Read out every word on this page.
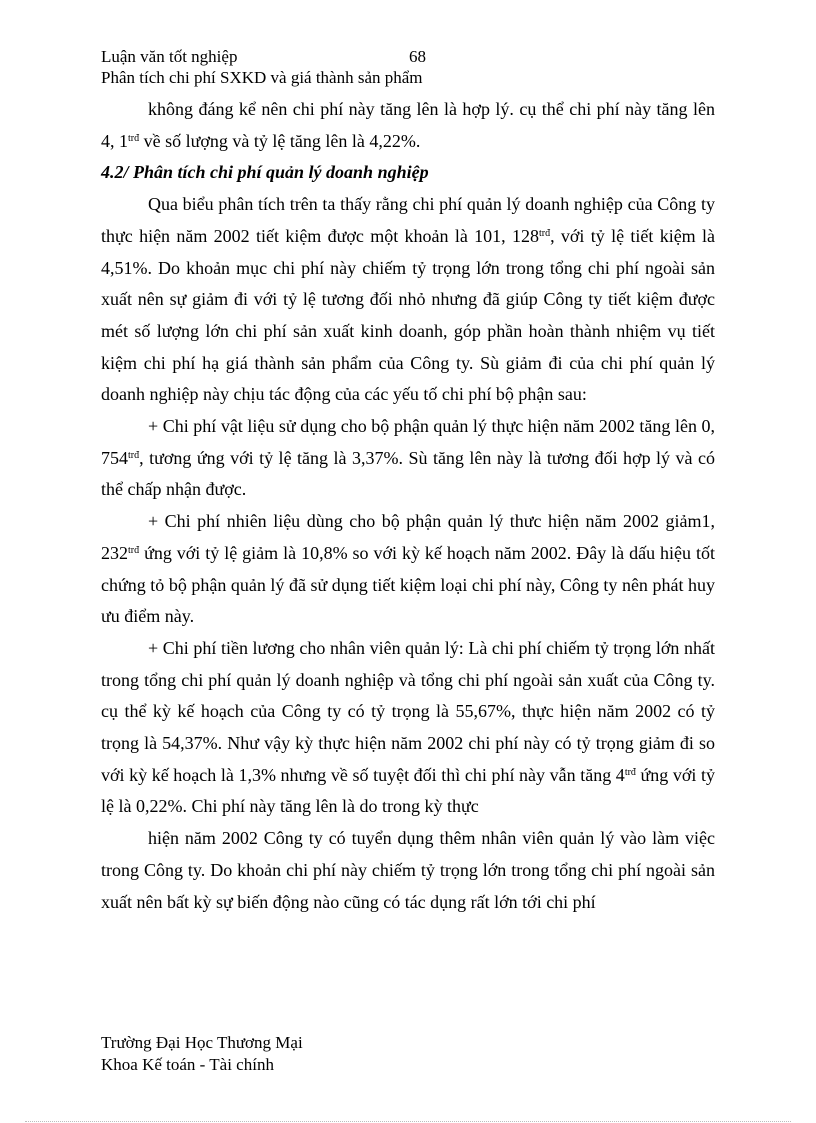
Luận văn tốt nghiệp	68
Phân tích chi phí SXKD và giá thành sản phẩm

không đáng kể nên chi phí này tăng lên là hợp lý. cụ thể chi phí này tăng lên 4, $1^{trđ}$ về số lượng và tỷ lệ tăng lên là 4,22%.

4.2/ Phân tích chi phí quản lý doanh nghiệp

Qua biểu phân tích trên ta thấy rằng chi phí quản lý doanh nghiệp của Công ty thực hiện năm 2002 tiết kiệm được một khoản là 101, $128^{trđ}$, với tỷ lệ tiết kiệm là 4,51%. Do khoản mục chi phí này chiếm tỷ trọng lớn trong tổng chi phí ngoài sản xuất nên sự giảm đi với tỷ lệ tương đối nhỏ nhưng đã giúp Công ty tiết kiệm được mét số lượng lớn chi phí sản xuất kinh doanh, góp phần hoàn thành nhiệm vụ tiết kiệm chi phí hạ giá thành sản phẩm của Công ty. Sù giảm đi của chi phí quản lý doanh nghiệp này chịu tác động của các yếu tố chi phí bộ phận sau:

+ Chi phí vật liệu sử dụng cho bộ phận quản lý thực hiện năm 2002 tăng lên 0, $754^{trđ}$, tương ứng với tỷ lệ tăng là 3,37%. Sù tăng lên này là tương đối hợp lý và có thể chấp nhận được.

+ Chi phí nhiên liệu dùng cho bộ phận quản lý thưc hiện năm 2002 giảm1, $232^{trđ}$ ứng với tỷ lệ giảm là 10,8% so với kỳ kế hoạch năm 2002. Đây là dấu hiệu tốt chứng tỏ bộ phận quản lý đã sử dụng tiết kiệm loại chi phí này, Công ty nên phát huy ưu điểm này.

+ Chi phí tiền lương cho nhân viên quản lý: Là chi phí chiếm tỷ trọng lớn nhất trong tổng chi phí quản lý doanh nghiệp và tổng chi phí ngoài sản xuất của Công ty. cụ thể kỳ kế hoạch của Công ty có tỷ trọng là 55,67%, thực hiện năm 2002 có tỷ trọng là 54,37%. Như vậy kỳ thực hiện năm 2002 chi phí này có tỷ trọng giảm đi so với kỳ kế hoạch là 1,3% nhưng về số tuyệt đối thì chi phí này vẫn tăng $4^{trđ}$ ứng với tỷ lệ là 0,22%. Chi phí này tăng lên là do trong kỳ thực

hiện năm 2002 Công ty có tuyển dụng thêm nhân viên quản lý vào làm việc trong Công ty. Do khoản chi phí này chiếm tỷ trọng lớn trong tổng chi phí ngoài sản xuất nên bất kỳ sự biến động nào cũng có tác dụng rất lớn tới chi phí

Trường Đại Học Thương Mại
Khoa Kế toán - Tài chính
